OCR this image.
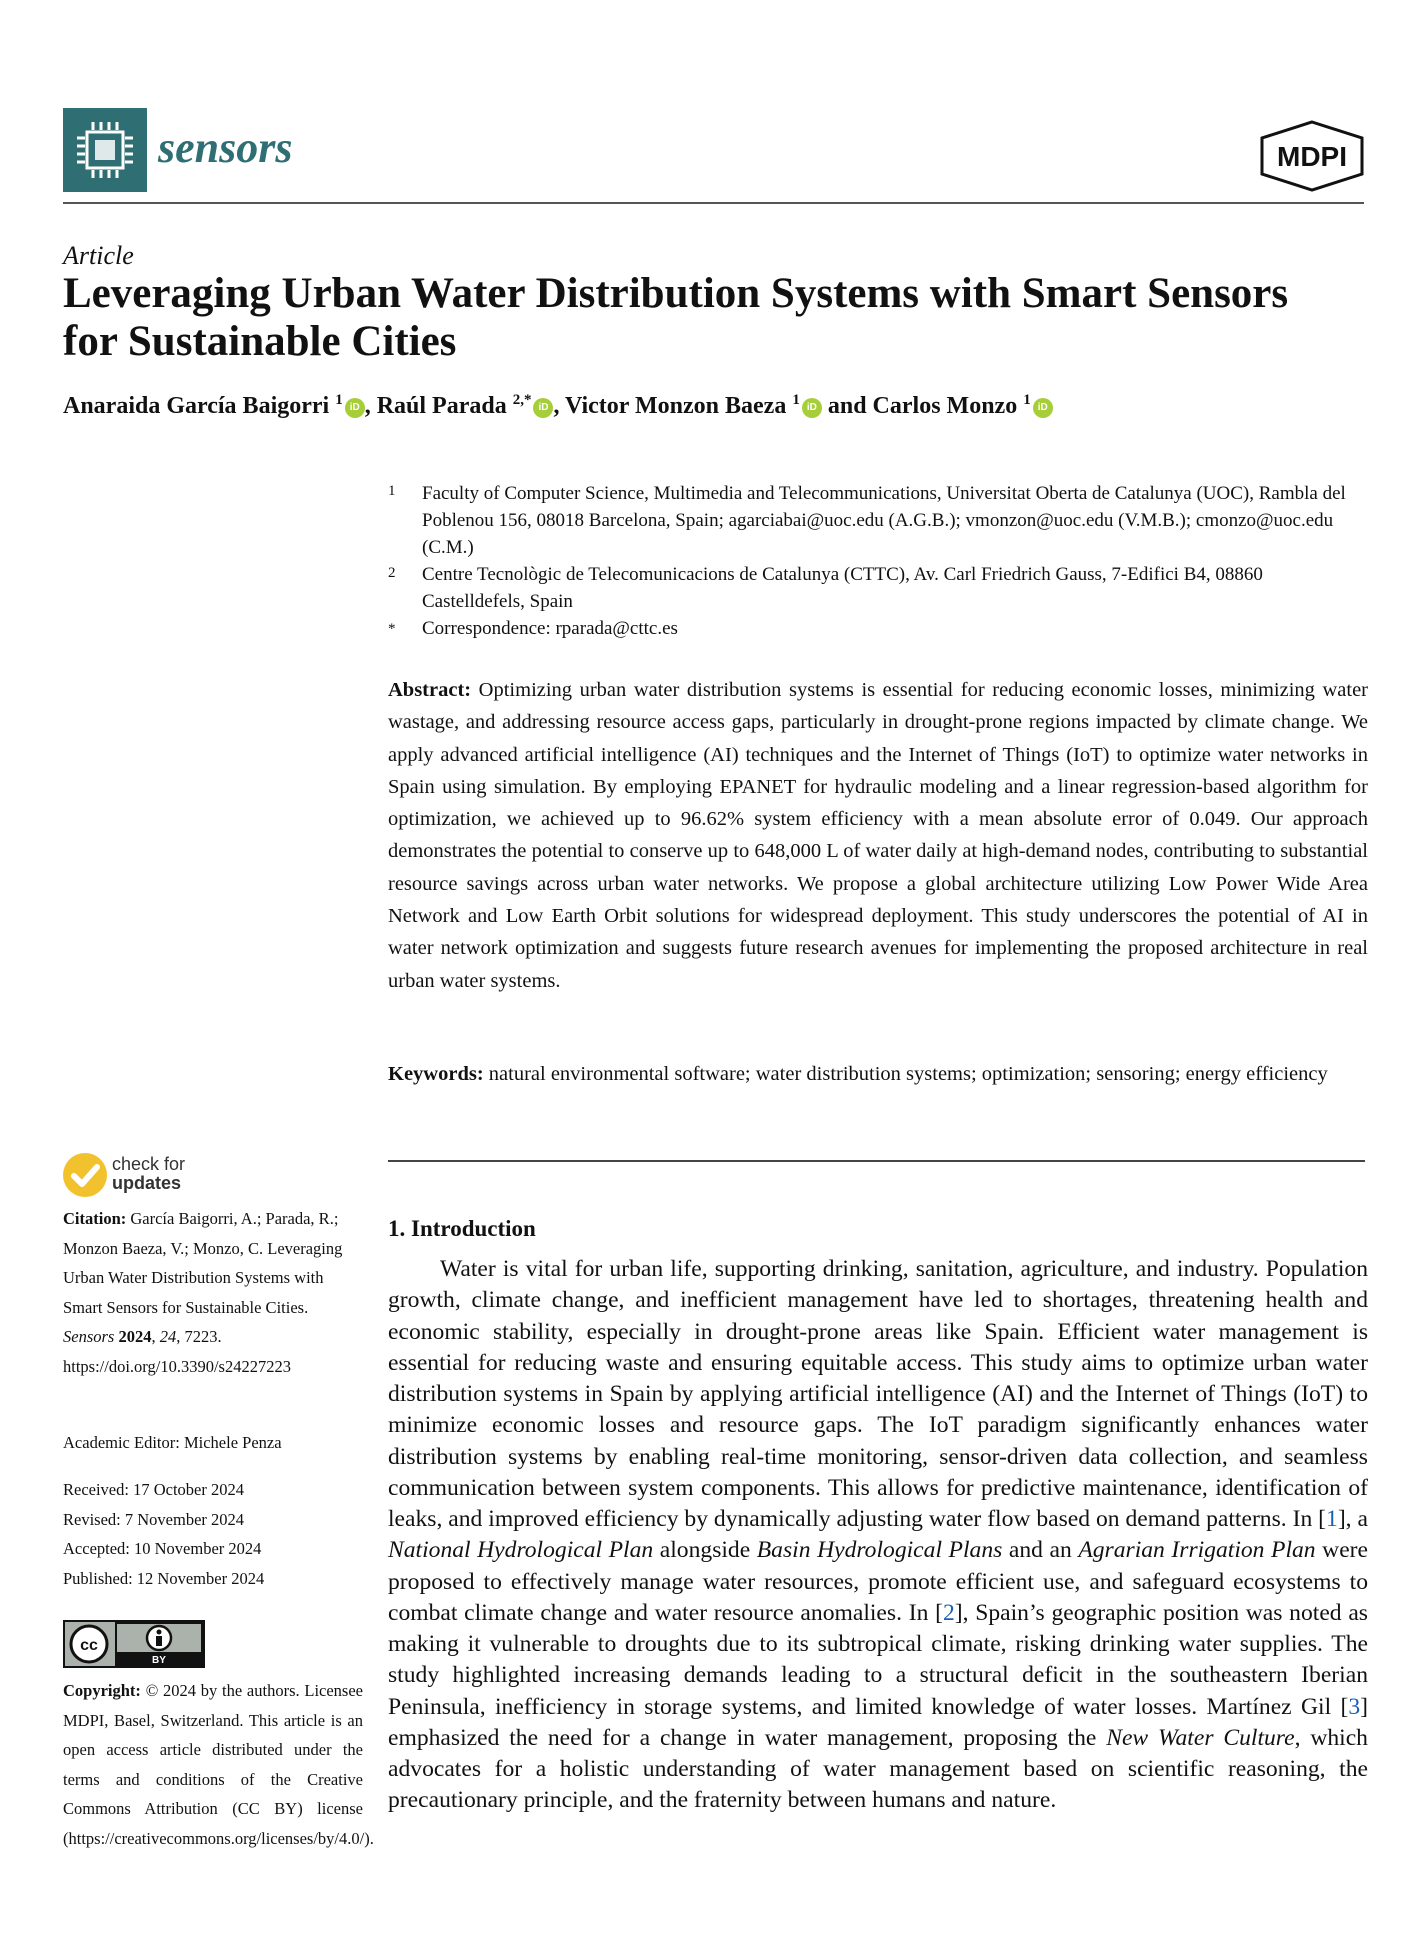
sensors	MDPI
Article
Leveraging Urban Water Distribution Systems with Smart Sensors for Sustainable Cities
Anaraida García Baigorri $^1$ iD , Raúl Parada $^{2,*}$ iD , Victor Monzon Baeza $^1$ iD and Carlos Monzo $^1$ iD
1 Faculty of Computer Science, Multimedia and Telecommunications, Universitat Oberta de Catalunya (UOC), Rambla del Poblenou 156, 08018 Barcelona, Spain; agarciabai@uoc.edu (A.G.B.); vmonzon@uoc.edu (V.M.B.); cmonzo@uoc.edu (C.M.)
2 Centre Tecnològic de Telecomunicacions de Catalunya (CTTC), Av. Carl Friedrich Gauss, 7-Edifici B4, 08860 Castelldefels, Spain
* Correspondence: rparada@cttc.es
Abstract: Optimizing urban water distribution systems is essential for reducing economic losses, minimizing water wastage, and addressing resource access gaps, particularly in drought-prone regions impacted by climate change. We apply advanced artificial intelligence (AI) techniques and the Internet of Things (IoT) to optimize water networks in Spain using simulation. By employing EPANET for hydraulic modeling and a linear regression-based algorithm for optimization, we achieved up to 96.62% system efficiency with a mean absolute error of 0.049. Our approach demonstrates the potential to conserve up to 648,000 L of water daily at high-demand nodes, contributing to substantial resource savings across urban water networks. We propose a global architecture utilizing Low Power Wide Area Network and Low Earth Orbit solutions for widespread deployment. This study underscores the potential of AI in water network optimization and suggests future research avenues for implementing the proposed architecture in real urban water systems.
Keywords: natural environmental software; water distribution systems; optimization; sensoring; energy efficiency
check for
updates
Citation: García Baigorri, A.; Parada, R.; Monzon Baeza, V.; Monzo, C. Leveraging Urban Water Distribution Systems with Smart Sensors for Sustainable Cities. Sensors 2024, 24, 7223. https://doi.org/10.3390/s24227223
Academic Editor: Michele Penza
Received: 17 October 2024
Revised: 7 November 2024
Accepted: 10 November 2024
Published: 12 November 2024
cc
BY
Copyright: © 2024 by the authors. Licensee MDPI, Basel, Switzerland. This article is an open access article distributed under the terms and conditions of the Creative Commons Attribution (CC BY) license (https://creativecommons.org/licenses/by/4.0/).
1. Introduction

Water is vital for urban life, supporting drinking, sanitation, agriculture, and industry. Population growth, climate change, and inefficient management have led to shortages, threatening health and economic stability, especially in drought-prone areas like Spain. Efficient water management is essential for reducing waste and ensuring equitable access. This study aims to optimize urban water distribution systems in Spain by applying artificial intelligence (AI) and the Internet of Things (IoT) to minimize economic losses and resource gaps. The IoT paradigm significantly enhances water distribution systems by enabling real-time monitoring, sensor-driven data collection, and seamless communication between system components. This allows for predictive maintenance, identification of leaks, and improved efficiency by dynamically adjusting water flow based on demand patterns. In [1], a National Hydrological Plan alongside Basin Hydrological Plans and an Agrarian Irrigation Plan were proposed to effectively manage water resources, promote efficient use, and safeguard ecosystems to combat climate change and water resource anomalies. In [2], Spain’s geographic position was noted as making it vulnerable to droughts due to its subtropical climate, risking drinking water supplies. The study highlighted increasing demands leading to a structural deficit in the southeastern Iberian Peninsula, inefficiency in storage systems, and limited knowledge of water losses. Martínez Gil [3] emphasized the need for a change in water management, proposing the New Water Culture, which advocates for a holistic understanding of water management based on scientific reasoning, the precautionary principle, and the fraternity between humans and nature.
